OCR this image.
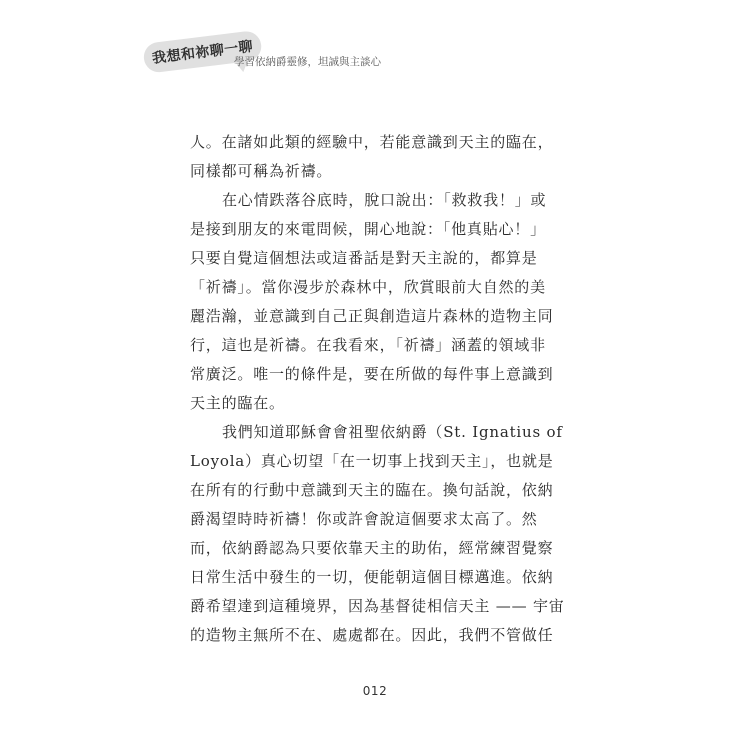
我想和祢聊一聊
學習依納爵靈修，坦誠與主談心
人。在諸如此類的經驗中，若能意識到天主的臨在，
同樣都可稱為祈禱。
在心情跌落谷底時，脫口說出：「救救我！」或
是接到朋友的來電問候，開心地說：「他真貼心！」
只要自覺這個想法或這番話是對天主說的，都算是
「祈禱」。當你漫步於森林中，欣賞眼前大自然的美
麗浩瀚，並意識到自己正與創造這片森林的造物主同
行，這也是祈禱。在我看來，「祈禱」涵蓋的領域非
常廣泛。唯一的條件是，要在所做的每件事上意識到
天主的臨在。
我們知道耶穌會會祖聖依納爵（St. Ignatius of
Loyola）真心切望「在一切事上找到天主」，也就是
在所有的行動中意識到天主的臨在。換句話說，依納
爵渴望時時祈禱！你或許會說這個要求太高了。然
而，依納爵認為只要依靠天主的助佑，經常練習覺察
日常生活中發生的一切，便能朝這個目標邁進。依納
爵希望達到這種境界，因為基督徒相信天主 —— 宇宙
的造物主無所不在、處處都在。因此，我們不管做任
012
